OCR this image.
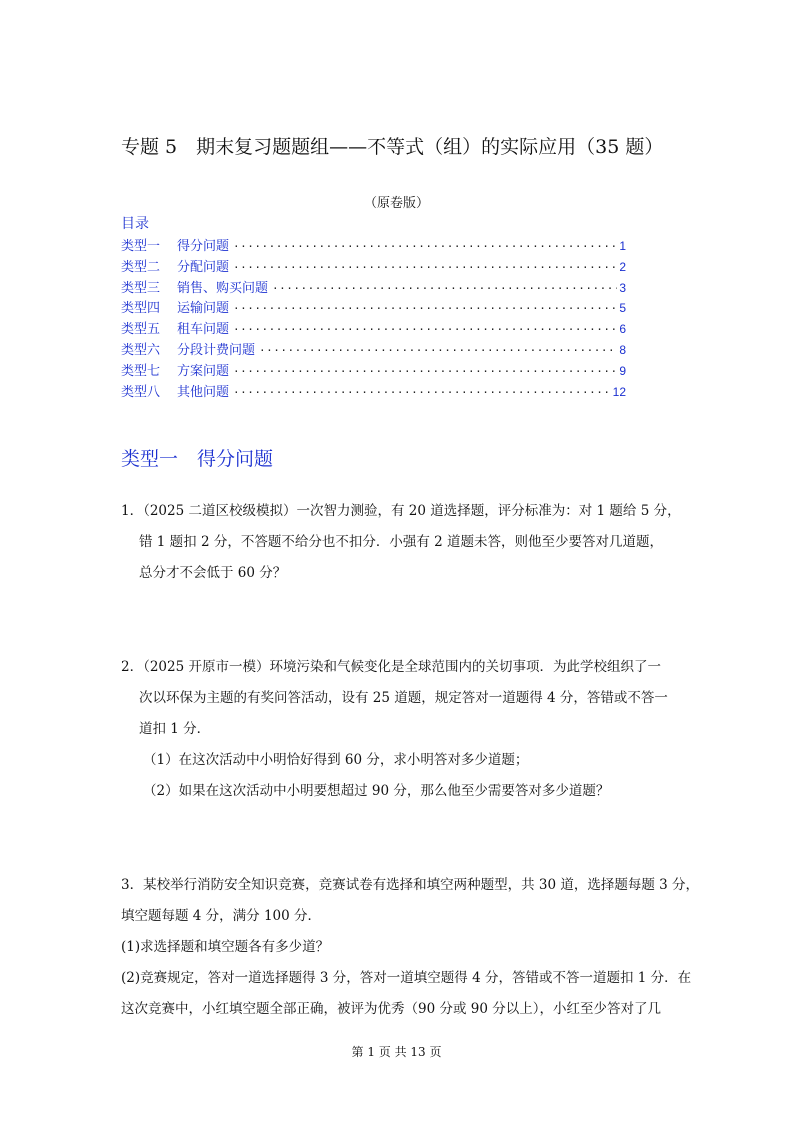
专题 5　期末复习题题组——不等式（组）的实际应用（35 题）
（原卷版）
目录
类型一	得分问题 ·····	1
类型二	分配问题 ·····	2
类型三	销售、购买问题 ·····	3
类型四	运输问题 ·····	5
类型五	租车问题 ·····	6
类型六	分段计费问题 ·····	8
类型七	方案问题 ·····	9
类型八	其他问题 ·····	12
类型一　得分问题
1．（2025 二道区校级模拟）一次智力测验，有 20 道选择题，评分标准为：对 1 题给 5 分，
错 1 题扣 2 分，不答题不给分也不扣分．小强有 2 道题未答，则他至少要答对几道题，
总分才不会低于 60 分？
2．（2025 开原市一模）环境污染和气候变化是全球范围内的关切事项．为此学校组织了一
次以环保为主题的有奖问答活动，设有 25 道题，规定答对一道题得 4 分，答错或不答一
道扣 1 分．
（1）在这次活动中小明恰好得到 60 分，求小明答对多少道题；
（2）如果在这次活动中小明要想超过 90 分，那么他至少需要答对多少道题？
3．某校举行消防安全知识竞赛，竞赛试卷有选择和填空两种题型，共 30 道，选择题每题 3 分，
填空题每题 4 分，满分 100 分．
(1)求选择题和填空题各有多少道？
(2)竞赛规定，答对一道选择题得 3 分，答对一道填空题得 4 分，答错或不答一道题扣 1 分．在
这次竞赛中，小红填空题全部正确，被评为优秀（90 分或 90 分以上），小红至少答对了几
第 1 页 共 13 页
